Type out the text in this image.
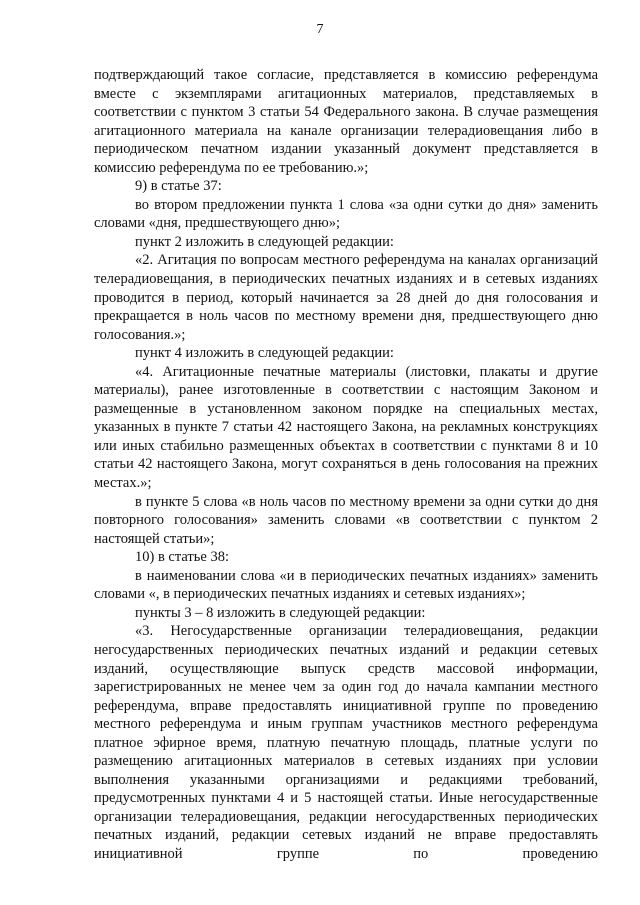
7

подтверждающий такое согласие, представляется в комиссию референдума вместе с экземплярами агитационных материалов, представляемых в соответствии с пунктом 3 статьи 54 Федерального закона. В случае размещения агитационного материала на канале организации телерадиовещания либо в периодическом печатном издании указанный документ представляется в комиссию референдума по ее требованию.»;

9) в статье 37:

во втором предложении пункта 1 слова «за одни сутки до дня» заменить словами «дня, предшествующего дню»;

пункт 2 изложить в следующей редакции:

«2. Агитация по вопросам местного референдума на каналах организаций телерадиовещания, в периодических печатных изданиях и в сетевых изданиях проводится в период, который начинается за 28 дней до дня голосования и прекращается в ноль часов по местному времени дня, предшествующего дню голосования.»;

пункт 4 изложить в следующей редакции:

«4. Агитационные печатные материалы (листовки, плакаты и другие материалы), ранее изготовленные в соответствии с настоящим Законом и размещенные в установленном законом порядке на специальных местах, указанных в пункте 7 статьи 42 настоящего Закона, на рекламных конструкциях или иных стабильно размещенных объектах в соответствии с пунктами 8 и 10 статьи 42 настоящего Закона, могут сохраняться в день голосования на прежних местах.»;

в пункте 5 слова «в ноль часов по местному времени за одни сутки до дня повторного голосования» заменить словами «в соответствии с пунктом 2 настоящей статьи»;

10) в статье 38:

в наименовании слова «и в периодических печатных изданиях» заменить словами «, в периодических печатных изданиях и сетевых изданиях»;

пункты 3 – 8 изложить в следующей редакции:

«3. Негосударственные организации телерадиовещания, редакции негосударственных периодических печатных изданий и редакции сетевых изданий, осуществляющие выпуск средств массовой информации, зарегистрированных не менее чем за один год до начала кампании местного референдума, вправе предоставлять инициативной группе по проведению местного референдума и иным группам участников местного референдума платное эфирное время, платную печатную площадь, платные услуги по размещению агитационных материалов в сетевых изданиях при условии выполнения указанными организациями и редакциями требований, предусмотренных пунктами 4 и 5 настоящей статьи. Иные негосударственные организации телерадиовещания, редакции негосударственных периодических печатных изданий, редакции сетевых изданий не вправе предоставлять инициативной группе по проведению
